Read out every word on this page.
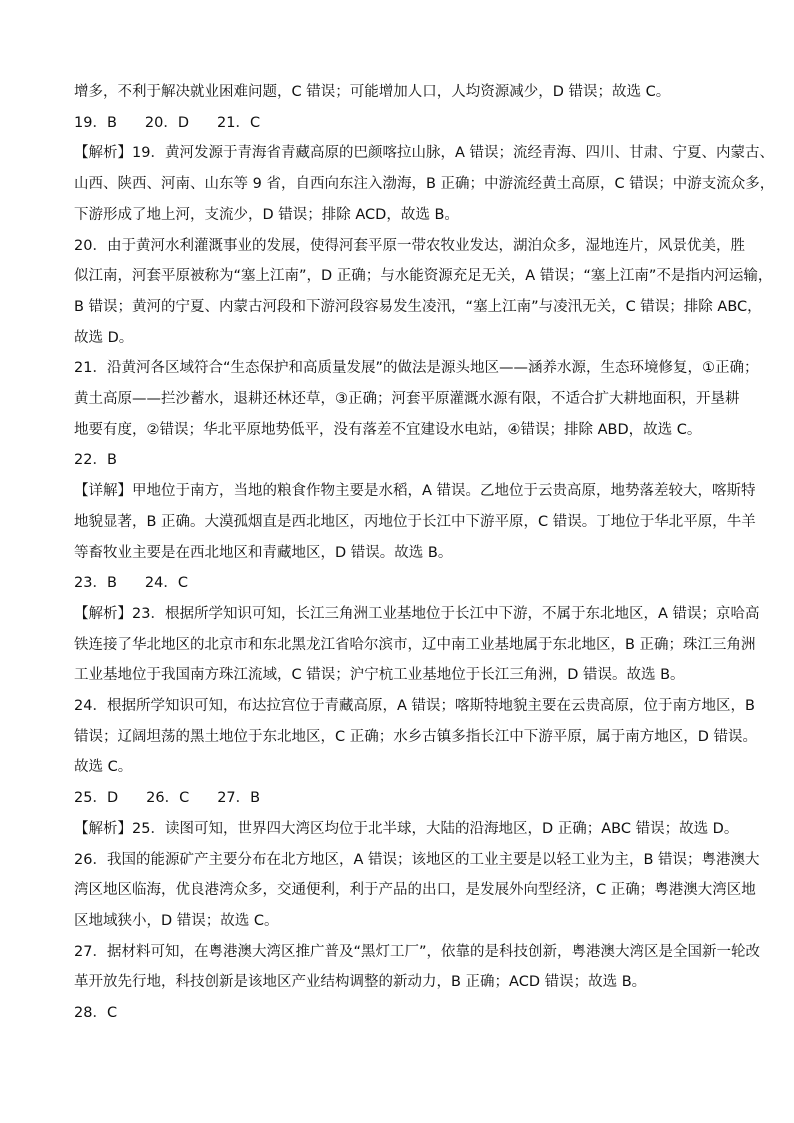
增多，不利于解决就业困难问题，C 错误；可能增加人口，人均资源减少，D 错误；故选 C。

19．B 20．D 21．C

【解析】19．黄河发源于青海省青藏高原的巴颜喀拉山脉，A 错误；流经青海、四川、甘肃、宁夏、内蒙古、

山西、陕西、河南、山东等 9 省，自西向东注入渤海，B 正确；中游流经黄土高原，C 错误；中游支流众多，

下游形成了地上河，支流少，D 错误；排除 ACD，故选 B。

20．由于黄河水利灌溉事业的发展，使得河套平原一带农牧业发达，湖泊众多，湿地连片，风景优美，胜

似江南，河套平原被称为“塞上江南”，D 正确；与水能资源充足无关，A 错误；“塞上江南”不是指内河运输，

B 错误；黄河的宁夏、内蒙古河段和下游河段容易发生凌汛，“塞上江南”与凌汛无关，C 错误；排除 ABC，

故选 D。

21．沿黄河各区域符合“生态保护和高质量发展”的做法是源头地区——涵养水源，生态环境修复，①正确；

黄土高原——拦沙蓄水，退耕还林还草，③正确；河套平原灌溉水源有限，不适合扩大耕地面积，开垦耕

地要有度，②错误；华北平原地势低平，没有落差不宜建设水电站，④错误；排除 ABD，故选 C。

22．B

【详解】甲地位于南方，当地的粮食作物主要是水稻，A 错误。乙地位于云贵高原，地势落差较大，喀斯特

地貌显著，B 正确。大漠孤烟直是西北地区，丙地位于长江中下游平原，C 错误。丁地位于华北平原，牛羊

等畜牧业主要是在西北地区和青藏地区，D 错误。故选 B。

23．B 24．C

【解析】23．根据所学知识可知，长江三角洲工业基地位于长江中下游，不属于东北地区，A 错误；京哈高

铁连接了华北地区的北京市和东北黑龙江省哈尔滨市，辽中南工业基地属于东北地区，B 正确；珠江三角洲

工业基地位于我国南方珠江流域，C 错误；沪宁杭工业基地位于长江三角洲，D 错误。故选 B。

24．根据所学知识可知，布达拉宫位于青藏高原，A 错误；喀斯特地貌主要在云贵高原，位于南方地区，B

错误；辽阔坦荡的黑土地位于东北地区，C 正确；水乡古镇多指长江中下游平原，属于南方地区，D 错误。

故选 C。

25．D 26．C 27．B

【解析】25．读图可知，世界四大湾区均位于北半球，大陆的沿海地区，D 正确；ABC 错误；故选 D。

26．我国的能源矿产主要分布在北方地区，A 错误；该地区的工业主要是以轻工业为主，B 错误；粤港澳大

湾区地区临海，优良港湾众多，交通便利，利于产品的出口，是发展外向型经济，C 正确；粤港澳大湾区地

区地域狭小，D 错误；故选 C。

27．据材料可知，在粤港澳大湾区推广普及“黑灯工厂”，依靠的是科技创新，粤港澳大湾区是全国新一轮改

革开放先行地，科技创新是该地区产业结构调整的新动力，B 正确；ACD 错误；故选 B。

28．C
